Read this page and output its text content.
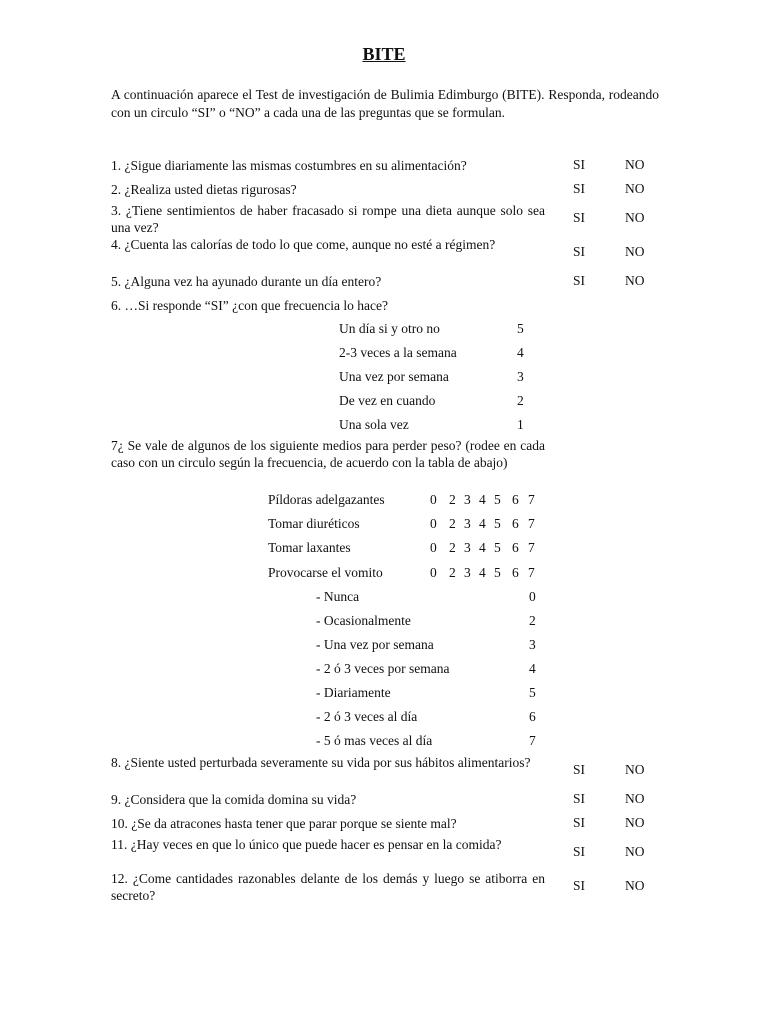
BITE
A continuación aparece el Test de investigación de Bulimia Edimburgo (BITE). Responda, rodeando con un circulo “SI” o “NO” a cada una de las preguntas que se formulan.
1. ¿Sigue diariamente las mismas costumbres en su alimentación?	SI	NO
2. ¿Realiza usted dietas rigurosas?	SI	NO
3. ¿Tiene sentimientos de haber fracasado si rompe una dieta aunque solo sea una vez?
SI	NO
4. ¿Cuenta las calorías de todo lo que come, aunque no esté a régimen?	SI	NO
5. ¿Alguna vez ha ayunado durante un día entero?	SI	NO
6. …Si responde “SI” ¿con que frecuencia lo hace?
Un día si y otro no	5
2-3 veces a la semana	4
Una vez por semana	3
De vez en cuando	2
Una sola vez	1
7¿ Se vale de algunos de los siguiente medios para perder peso? (rodee en cada caso con un circulo según la frecuencia, de acuerdo con la tabla de abajo)
Píldoras adelgazantes	0 2 3 4 5 6 7
Tomar diuréticos	0 2 3 4 5 6 7
Tomar laxantes	0 2 3 4 5 6 7
Provocarse el vomito	0 2 3 4 5 6 7
- Nunca	0
- Ocasionalmente	2
- Una vez por semana	3
- 2 ó 3 veces por semana	4
- Diariamente	5
- 2 ó 3 veces al día	6
- 5 ó mas veces al día	7
8. ¿Siente usted perturbada severamente su vida por sus hábitos alimentarios?	SI	NO
9. ¿Considera que la comida domina su vida?	SI	NO
10. ¿Se da atracones hasta tener que parar porque se siente mal?	SI	NO
11. ¿Hay veces en que lo único que puede hacer es pensar en la comida?	SI	NO
12. ¿Come cantidades razonables delante de los demás y luego se atiborra en secreto?
SI	NO
